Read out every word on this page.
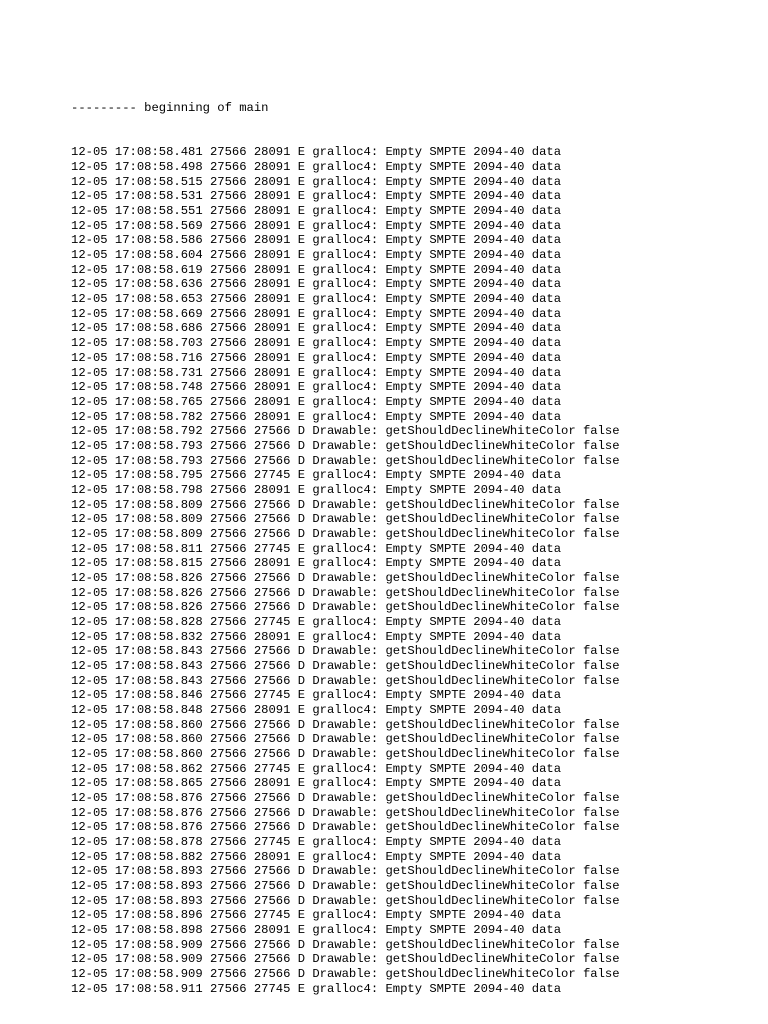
--------- beginning of main

12-05 17:08:58.481 27566 28091 E gralloc4: Empty SMPTE 2094-40 data
12-05 17:08:58.498 27566 28091 E gralloc4: Empty SMPTE 2094-40 data
12-05 17:08:58.515 27566 28091 E gralloc4: Empty SMPTE 2094-40 data
12-05 17:08:58.531 27566 28091 E gralloc4: Empty SMPTE 2094-40 data
12-05 17:08:58.551 27566 28091 E gralloc4: Empty SMPTE 2094-40 data
12-05 17:08:58.569 27566 28091 E gralloc4: Empty SMPTE 2094-40 data
12-05 17:08:58.586 27566 28091 E gralloc4: Empty SMPTE 2094-40 data
12-05 17:08:58.604 27566 28091 E gralloc4: Empty SMPTE 2094-40 data
12-05 17:08:58.619 27566 28091 E gralloc4: Empty SMPTE 2094-40 data
12-05 17:08:58.636 27566 28091 E gralloc4: Empty SMPTE 2094-40 data
12-05 17:08:58.653 27566 28091 E gralloc4: Empty SMPTE 2094-40 data
12-05 17:08:58.669 27566 28091 E gralloc4: Empty SMPTE 2094-40 data
12-05 17:08:58.686 27566 28091 E gralloc4: Empty SMPTE 2094-40 data
12-05 17:08:58.703 27566 28091 E gralloc4: Empty SMPTE 2094-40 data
12-05 17:08:58.716 27566 28091 E gralloc4: Empty SMPTE 2094-40 data
12-05 17:08:58.731 27566 28091 E gralloc4: Empty SMPTE 2094-40 data
12-05 17:08:58.748 27566 28091 E gralloc4: Empty SMPTE 2094-40 data
12-05 17:08:58.765 27566 28091 E gralloc4: Empty SMPTE 2094-40 data
12-05 17:08:58.782 27566 28091 E gralloc4: Empty SMPTE 2094-40 data
12-05 17:08:58.792 27566 27566 D Drawable: getShouldDeclineWhiteColor false
12-05 17:08:58.793 27566 27566 D Drawable: getShouldDeclineWhiteColor false
12-05 17:08:58.793 27566 27566 D Drawable: getShouldDeclineWhiteColor false
12-05 17:08:58.795 27566 27745 E gralloc4: Empty SMPTE 2094-40 data
12-05 17:08:58.798 27566 28091 E gralloc4: Empty SMPTE 2094-40 data
12-05 17:08:58.809 27566 27566 D Drawable: getShouldDeclineWhiteColor false
12-05 17:08:58.809 27566 27566 D Drawable: getShouldDeclineWhiteColor false
12-05 17:08:58.809 27566 27566 D Drawable: getShouldDeclineWhiteColor false
12-05 17:08:58.811 27566 27745 E gralloc4: Empty SMPTE 2094-40 data
12-05 17:08:58.815 27566 28091 E gralloc4: Empty SMPTE 2094-40 data
12-05 17:08:58.826 27566 27566 D Drawable: getShouldDeclineWhiteColor false
12-05 17:08:58.826 27566 27566 D Drawable: getShouldDeclineWhiteColor false
12-05 17:08:58.826 27566 27566 D Drawable: getShouldDeclineWhiteColor false
12-05 17:08:58.828 27566 27745 E gralloc4: Empty SMPTE 2094-40 data
12-05 17:08:58.832 27566 28091 E gralloc4: Empty SMPTE 2094-40 data
12-05 17:08:58.843 27566 27566 D Drawable: getShouldDeclineWhiteColor false
12-05 17:08:58.843 27566 27566 D Drawable: getShouldDeclineWhiteColor false
12-05 17:08:58.843 27566 27566 D Drawable: getShouldDeclineWhiteColor false
12-05 17:08:58.846 27566 27745 E gralloc4: Empty SMPTE 2094-40 data
12-05 17:08:58.848 27566 28091 E gralloc4: Empty SMPTE 2094-40 data
12-05 17:08:58.860 27566 27566 D Drawable: getShouldDeclineWhiteColor false
12-05 17:08:58.860 27566 27566 D Drawable: getShouldDeclineWhiteColor false
12-05 17:08:58.860 27566 27566 D Drawable: getShouldDeclineWhiteColor false
12-05 17:08:58.862 27566 27745 E gralloc4: Empty SMPTE 2094-40 data
12-05 17:08:58.865 27566 28091 E gralloc4: Empty SMPTE 2094-40 data
12-05 17:08:58.876 27566 27566 D Drawable: getShouldDeclineWhiteColor false
12-05 17:08:58.876 27566 27566 D Drawable: getShouldDeclineWhiteColor false
12-05 17:08:58.876 27566 27566 D Drawable: getShouldDeclineWhiteColor false
12-05 17:08:58.878 27566 27745 E gralloc4: Empty SMPTE 2094-40 data
12-05 17:08:58.882 27566 28091 E gralloc4: Empty SMPTE 2094-40 data
12-05 17:08:58.893 27566 27566 D Drawable: getShouldDeclineWhiteColor false
12-05 17:08:58.893 27566 27566 D Drawable: getShouldDeclineWhiteColor false
12-05 17:08:58.893 27566 27566 D Drawable: getShouldDeclineWhiteColor false
12-05 17:08:58.896 27566 27745 E gralloc4: Empty SMPTE 2094-40 data
12-05 17:08:58.898 27566 28091 E gralloc4: Empty SMPTE 2094-40 data
12-05 17:08:58.909 27566 27566 D Drawable: getShouldDeclineWhiteColor false
12-05 17:08:58.909 27566 27566 D Drawable: getShouldDeclineWhiteColor false
12-05 17:08:58.909 27566 27566 D Drawable: getShouldDeclineWhiteColor false
12-05 17:08:58.911 27566 27745 E gralloc4: Empty SMPTE 2094-40 data
